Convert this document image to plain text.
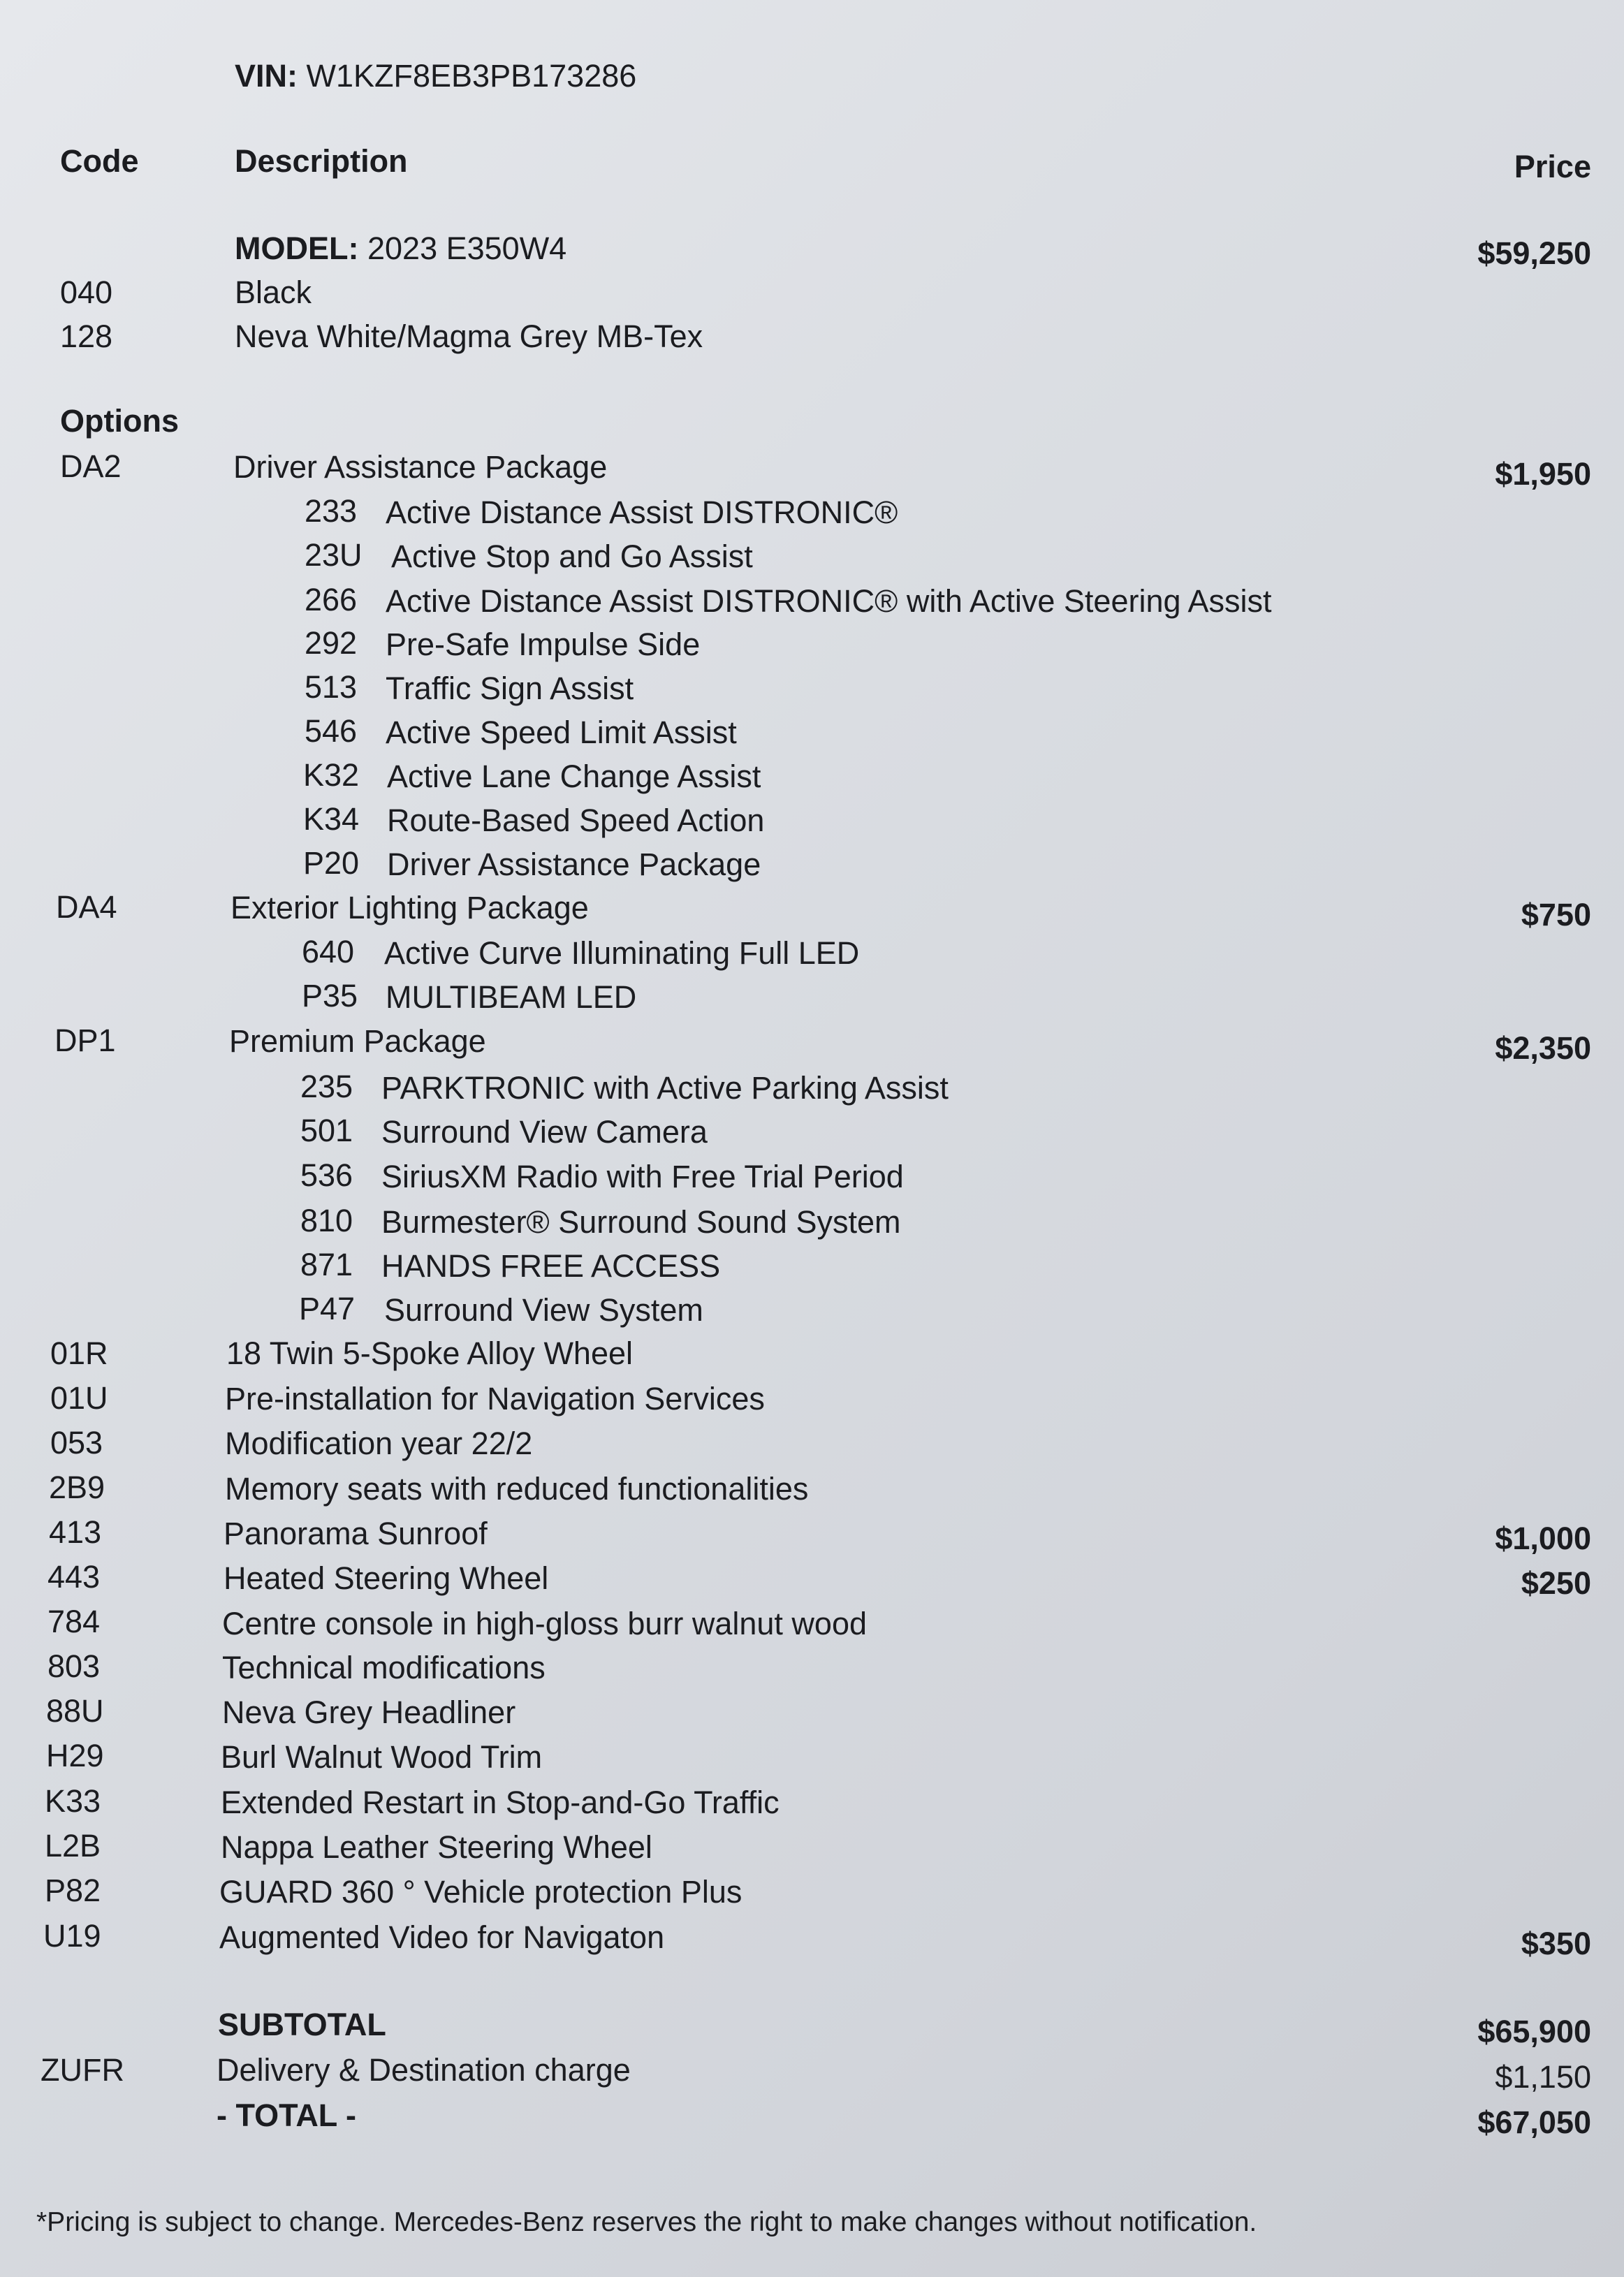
VIN: W1KZF8EB3PB173286
Code	Description	Price
MODEL: 2023 E350W4	$59,250
040	Black
128	Neva White/Magma Grey MB-Tex
Options
DA2	Driver Assistance Package	$1,950
233 Active Distance Assist DISTRONIC®
23U Active Stop and Go Assist
266 Active Distance Assist DISTRONIC® with Active Steering Assist
292 Pre-Safe Impulse Side
513 Traffic Sign Assist
546 Active Speed Limit Assist
K32 Active Lane Change Assist
K34 Route-Based Speed Action
P20 Driver Assistance Package
DA4	Exterior Lighting Package	$750
640 Active Curve Illuminating Full LED
P35 MULTIBEAM LED
DP1	Premium Package	$2,350
235 PARKTRONIC with Active Parking Assist
501 Surround View Camera
536 SiriusXM Radio with Free Trial Period
810 Burmester® Surround Sound System
871 HANDS FREE ACCESS
P47 Surround View System
01R	18 Twin 5-Spoke Alloy Wheel
01U	Pre-installation for Navigation Services
053	Modification year 22/2
2B9	Memory seats with reduced functionalities
413	Panorama Sunroof	$1,000
443	Heated Steering Wheel	$250
784	Centre console in high-gloss burr walnut wood
803	Technical modifications
88U	Neva Grey Headliner
H29	Burl Walnut Wood Trim
K33	Extended Restart in Stop-and-Go Traffic
L2B	Nappa Leather Steering Wheel
P82	GUARD 360 ° Vehicle protection Plus
U19	Augmented Video for Navigaton	$350
SUBTOTAL	$65,900
ZUFR	Delivery & Destination charge	$1,150
- TOTAL -	$67,050
*Pricing is subject to change. Mercedes-Benz reserves the right to make changes without notification.
